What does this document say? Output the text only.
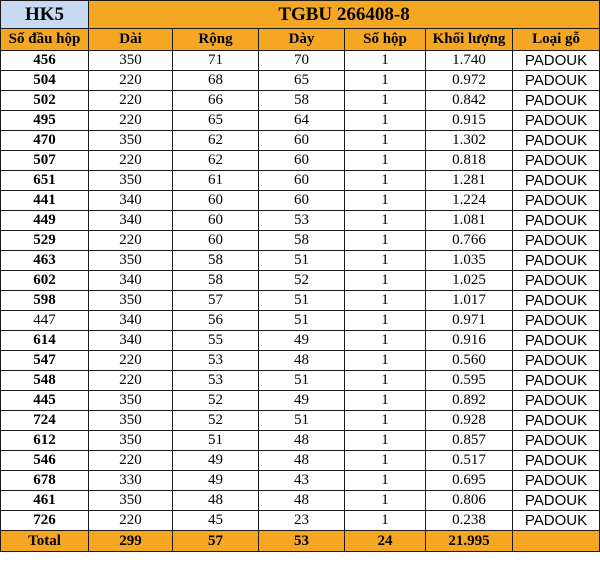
HK5	TGBU 266408-8					
Số đầu hộp	Dài	Rộng	Dày	Số hộp	Khối lượng	Loại gỗ
456	350	71	70	1	1.740	PADOUK
504	220	68	65	1	0.972	PADOUK
502	220	66	58	1	0.842	PADOUK
495	220	65	64	1	0.915	PADOUK
470	350	62	60	1	1.302	PADOUK
507	220	62	60	1	0.818	PADOUK
651	350	61	60	1	1.281	PADOUK
441	340	60	60	1	1.224	PADOUK
449	340	60	53	1	1.081	PADOUK
529	220	60	58	1	0.766	PADOUK
463	350	58	51	1	1.035	PADOUK
602	340	58	52	1	1.025	PADOUK
598	350	57	51	1	1.017	PADOUK
447	340	56	51	1	0.971	PADOUK
614	340	55	49	1	0.916	PADOUK
547	220	53	48	1	0.560	PADOUK
548	220	53	51	1	0.595	PADOUK
445	350	52	49	1	0.892	PADOUK
724	350	52	51	1	0.928	PADOUK
612	350	51	48	1	0.857	PADOUK
546	220	49	48	1	0.517	PADOUK
678	330	49	43	1	0.695	PADOUK
461	350	48	48	1	0.806	PADOUK
726	220	45	23	1	0.238	PADOUK
Total	299	57	53	24	21.995	
